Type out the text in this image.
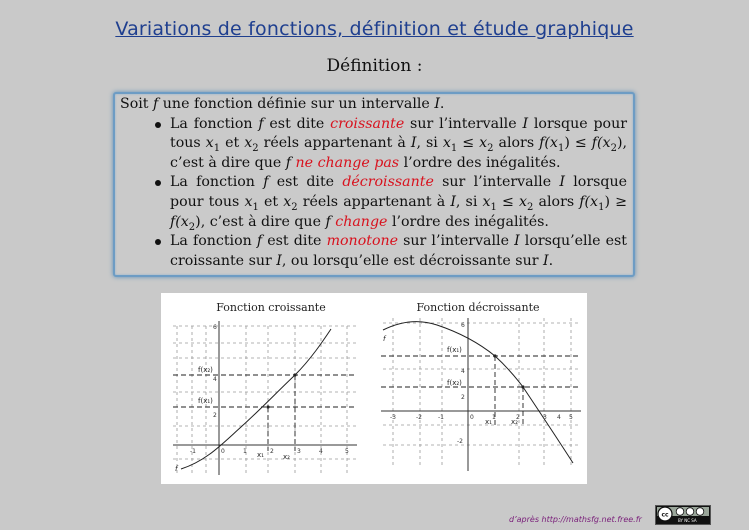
Variations de fonctions, définition et étude graphique
Définition :

Soit f une fonction définie sur un intervalle I.

La fonction f est dite croissante sur l’intervalle I lorsque pour tous $x_1$ et $x_2$ réels appartenant à I, si $x_1 \le x_2$ alors $f(x_1) \le f(x_2)$, c’est à dire que f ne change pas l’ordre des inégalités.
La fonction f est dite décroissante sur l’intervalle I lorsque pour tous $x_1$ et $x_2$ réels appartenant à I, si $x_1 \le x_2$ alors $f(x_1) \ge f(x_2)$, c’est à dire que f change l’ordre des inégalités.
La fonction f est dite monotone sur l’intervalle I lorsqu’elle est croissante sur I, ou lorsqu’elle est décroissante sur I.
Fonction croissante
6
4
2
-1	0	1	2	3	4	5
f(x₂)
f(x₁)
x₁	x₂
f
Fonction décroissante
6
4
2
-2
-3	-2	-1	0	1	2	3 4 5
f(x₁)
f(x₂)
x₁	x₂
f
d’après http://mathsfg.net.free.fr	cc
BY NC SA
